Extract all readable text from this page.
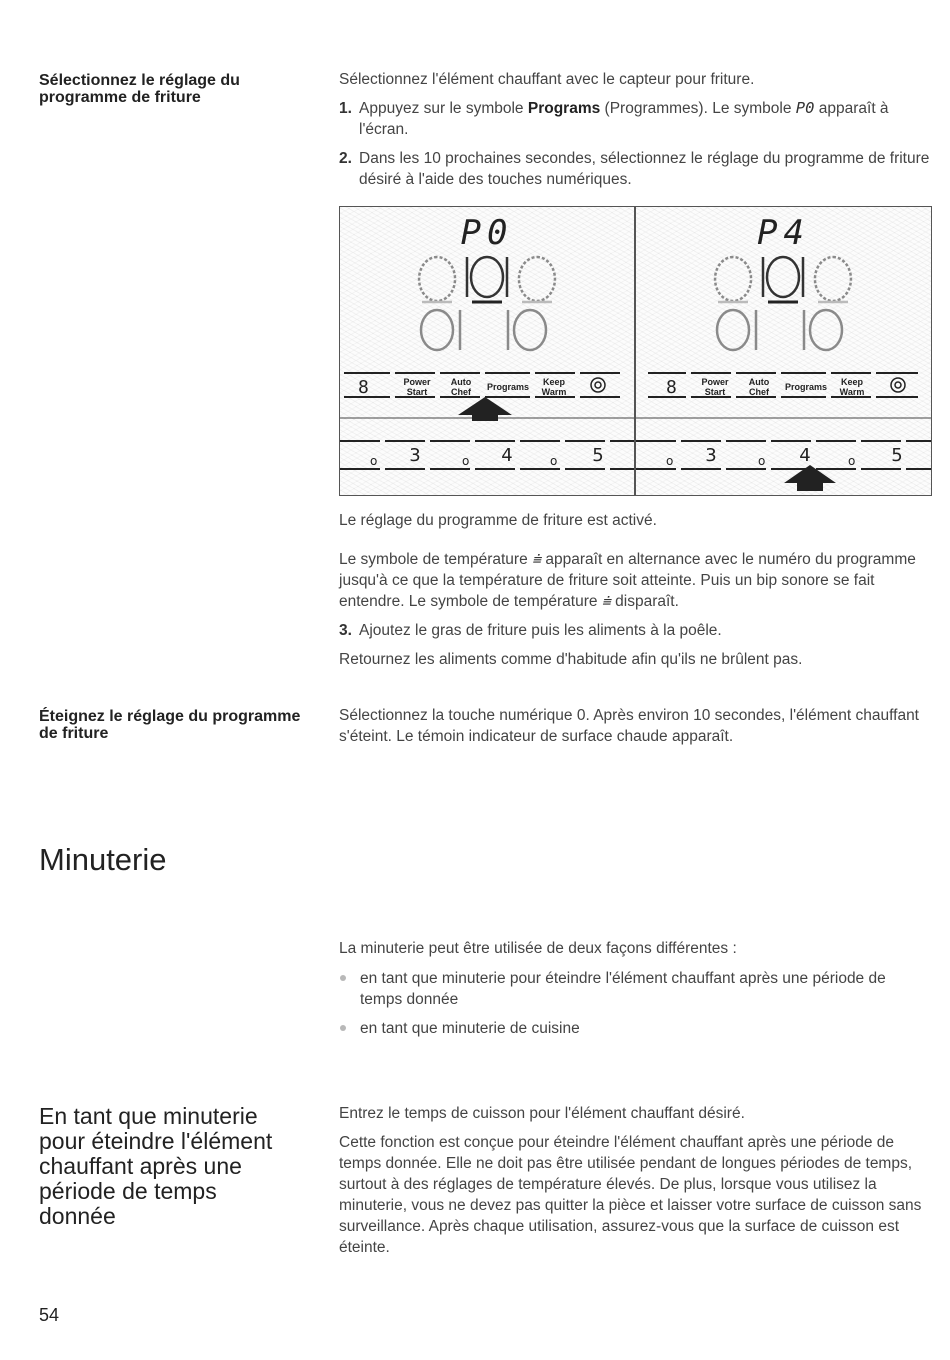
Sélectionnez le réglage du programme de friture

Sélectionnez l'élément chauffant avec le capteur pour friture.

1. Appuyez sur le symbole Programs (Programmes). Le symbole P0 apparaît à l'écran.
2. Dans les 10 prochaines secondes, sélectionnez le réglage du programme de friture désiré à l'aide des touches numériques.
P0
8
o	o	o
Power Start
Auto Chef	Programs	Keep Warm
3	4	5
P4
8
o	o	o
Power Start
Auto Chef	Programs	Keep Warm
3	4	5

Le réglage du programme de friture est activé.

Le symbole de température ⩧ apparaît en alternance avec le numéro du programme jusqu'à ce que la température de friture soit atteinte. Puis un bip sonore se fait entendre. Le symbole de température ⩧ disparaît.

3. Ajoutez le gras de friture puis les aliments à la poêle.

Retournez les aliments comme d'habitude afin qu'ils ne brûlent pas.

Éteignez le réglage du programme de friture
Sélectionnez la touche numérique 0. Après environ 10 secondes, l'élément chauffant s'éteint. Le témoin indicateur de surface chaude apparaît.
Minuterie

La minuterie peut être utilisée de deux façons différentes :

en tant que minuterie pour éteindre l'élément chauffant après une période de temps donnée
en tant que minuterie de cuisine
En tant que minuterie pour éteindre l'élément chauffant après une période de temps donnée

Entrez le temps de cuisson pour l'élément chauffant désiré.

Cette fonction est conçue pour éteindre l'élément chauffant après une période de temps donnée. Elle ne doit pas être utilisée pendant de longues périodes de temps, surtout à des réglages de température élevés. De plus, lorsque vous utilisez la minuterie, vous ne devez pas quitter la pièce et laisser votre surface de cuisson sans surveillance. Après chaque utilisation, assurez-vous que la surface de cuisson est éteinte.

54
